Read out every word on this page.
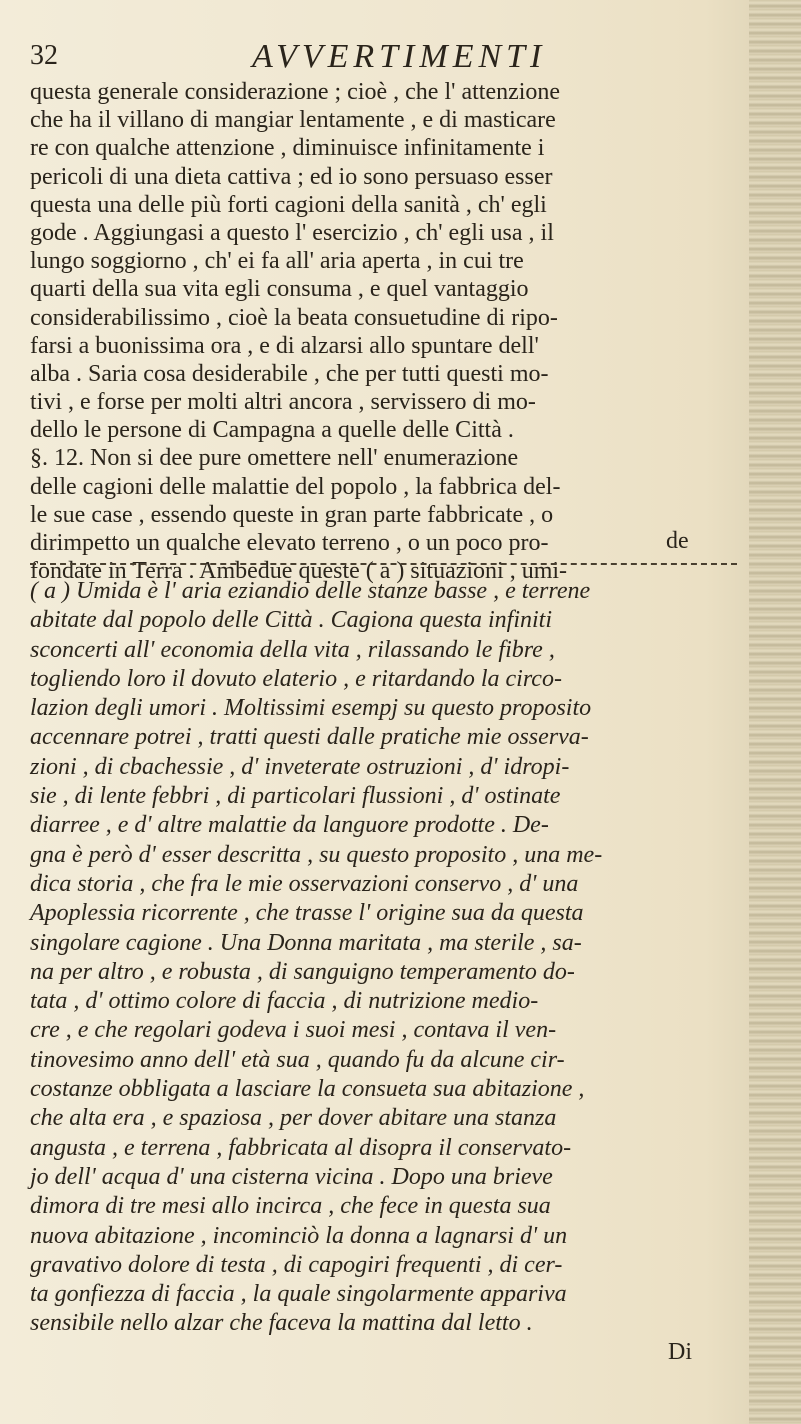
32	AVVERTIMENTI
questa generale considerazione ; cioè , che l' attenzione
che ha il villano di mangiar lentamente , e di masticare
re con qualche attenzione , diminuisce infinitamente i
pericoli di una dieta cattiva ; ed io sono persuaso esser
questa una delle più forti cagioni della sanità , ch' egli
gode . Aggiungasi a questo l' esercizio , ch' egli usa , il
lungo soggiorno , ch' ei fa all' aria aperta , in cui tre
quarti della sua vita egli consuma , e quel vantaggio
considerabilissimo , cioè la beata consuetudine di ripo-
farsi a buonissima ora , e di alzarsi allo spuntare dell'
alba . Saria cosa desiderabile , che per tutti questi mo-
tivi , e forse per molti altri ancora , servissero di mo-
dello le persone di Campagna a quelle delle Città .
§. 12. Non si dee pure omettere nell' enumerazione
delle cagioni delle malattie del popolo , la fabbrica del-
le sue case , essendo queste in gran parte fabbricate , o
dirimpetto un qualche elevato terreno , o un poco pro-
fondate in Terra . Ambedue queste ( a ) situazioni , umi-
de
( a ) Umida è l' aria eziandio delle stanze basse , e terrene
abitate dal popolo delle Città . Cagiona questa infiniti
sconcerti all' economia della vita , rilassando le fibre ,
togliendo loro il dovuto elaterio , e ritardando la circo-
lazion degli umori . Moltissimi esempj su questo proposito
accennare potrei , tratti questi dalle pratiche mie osserva-
zioni , di cbachessie , d' inveterate ostruzioni , d' idropi-
sie , di lente febbri , di particolari flussioni , d' ostinate
diarree , e d' altre malattie da languore prodotte . De-
gna è però d' esser descritta , su questo proposito , una me-
dica storia , che fra le mie osservazioni conservo , d' una
Apoplessia ricorrente , che trasse l' origine sua da questa
singolare cagione . Una Donna maritata , ma sterile , sa-
na per altro , e robusta , di sanguigno temperamento do-
tata , d' ottimo colore di faccia , di nutrizione medio-
cre , e che regolari godeva i suoi mesi , contava il ven-
tinovesimo anno dell' età sua , quando fu da alcune cir-
costanze obbligata a lasciare la consueta sua abitazione ,
che alta era , e spaziosa , per dover abitare una stanza
angusta , e terrena , fabbricata al disopra il conservato-
jo dell' acqua d' una cisterna vicina . Dopo una brieve
dimora di tre mesi allo incirca , che fece in questa sua
nuova abitazione , incominciò la donna a lagnarsi d' un
gravativo dolore di testa , di capogiri frequenti , di cer-
ta gonfiezza di faccia , la quale singolarmente appariva
sensibile nello alzar che faceva la mattina dal letto .
Di
